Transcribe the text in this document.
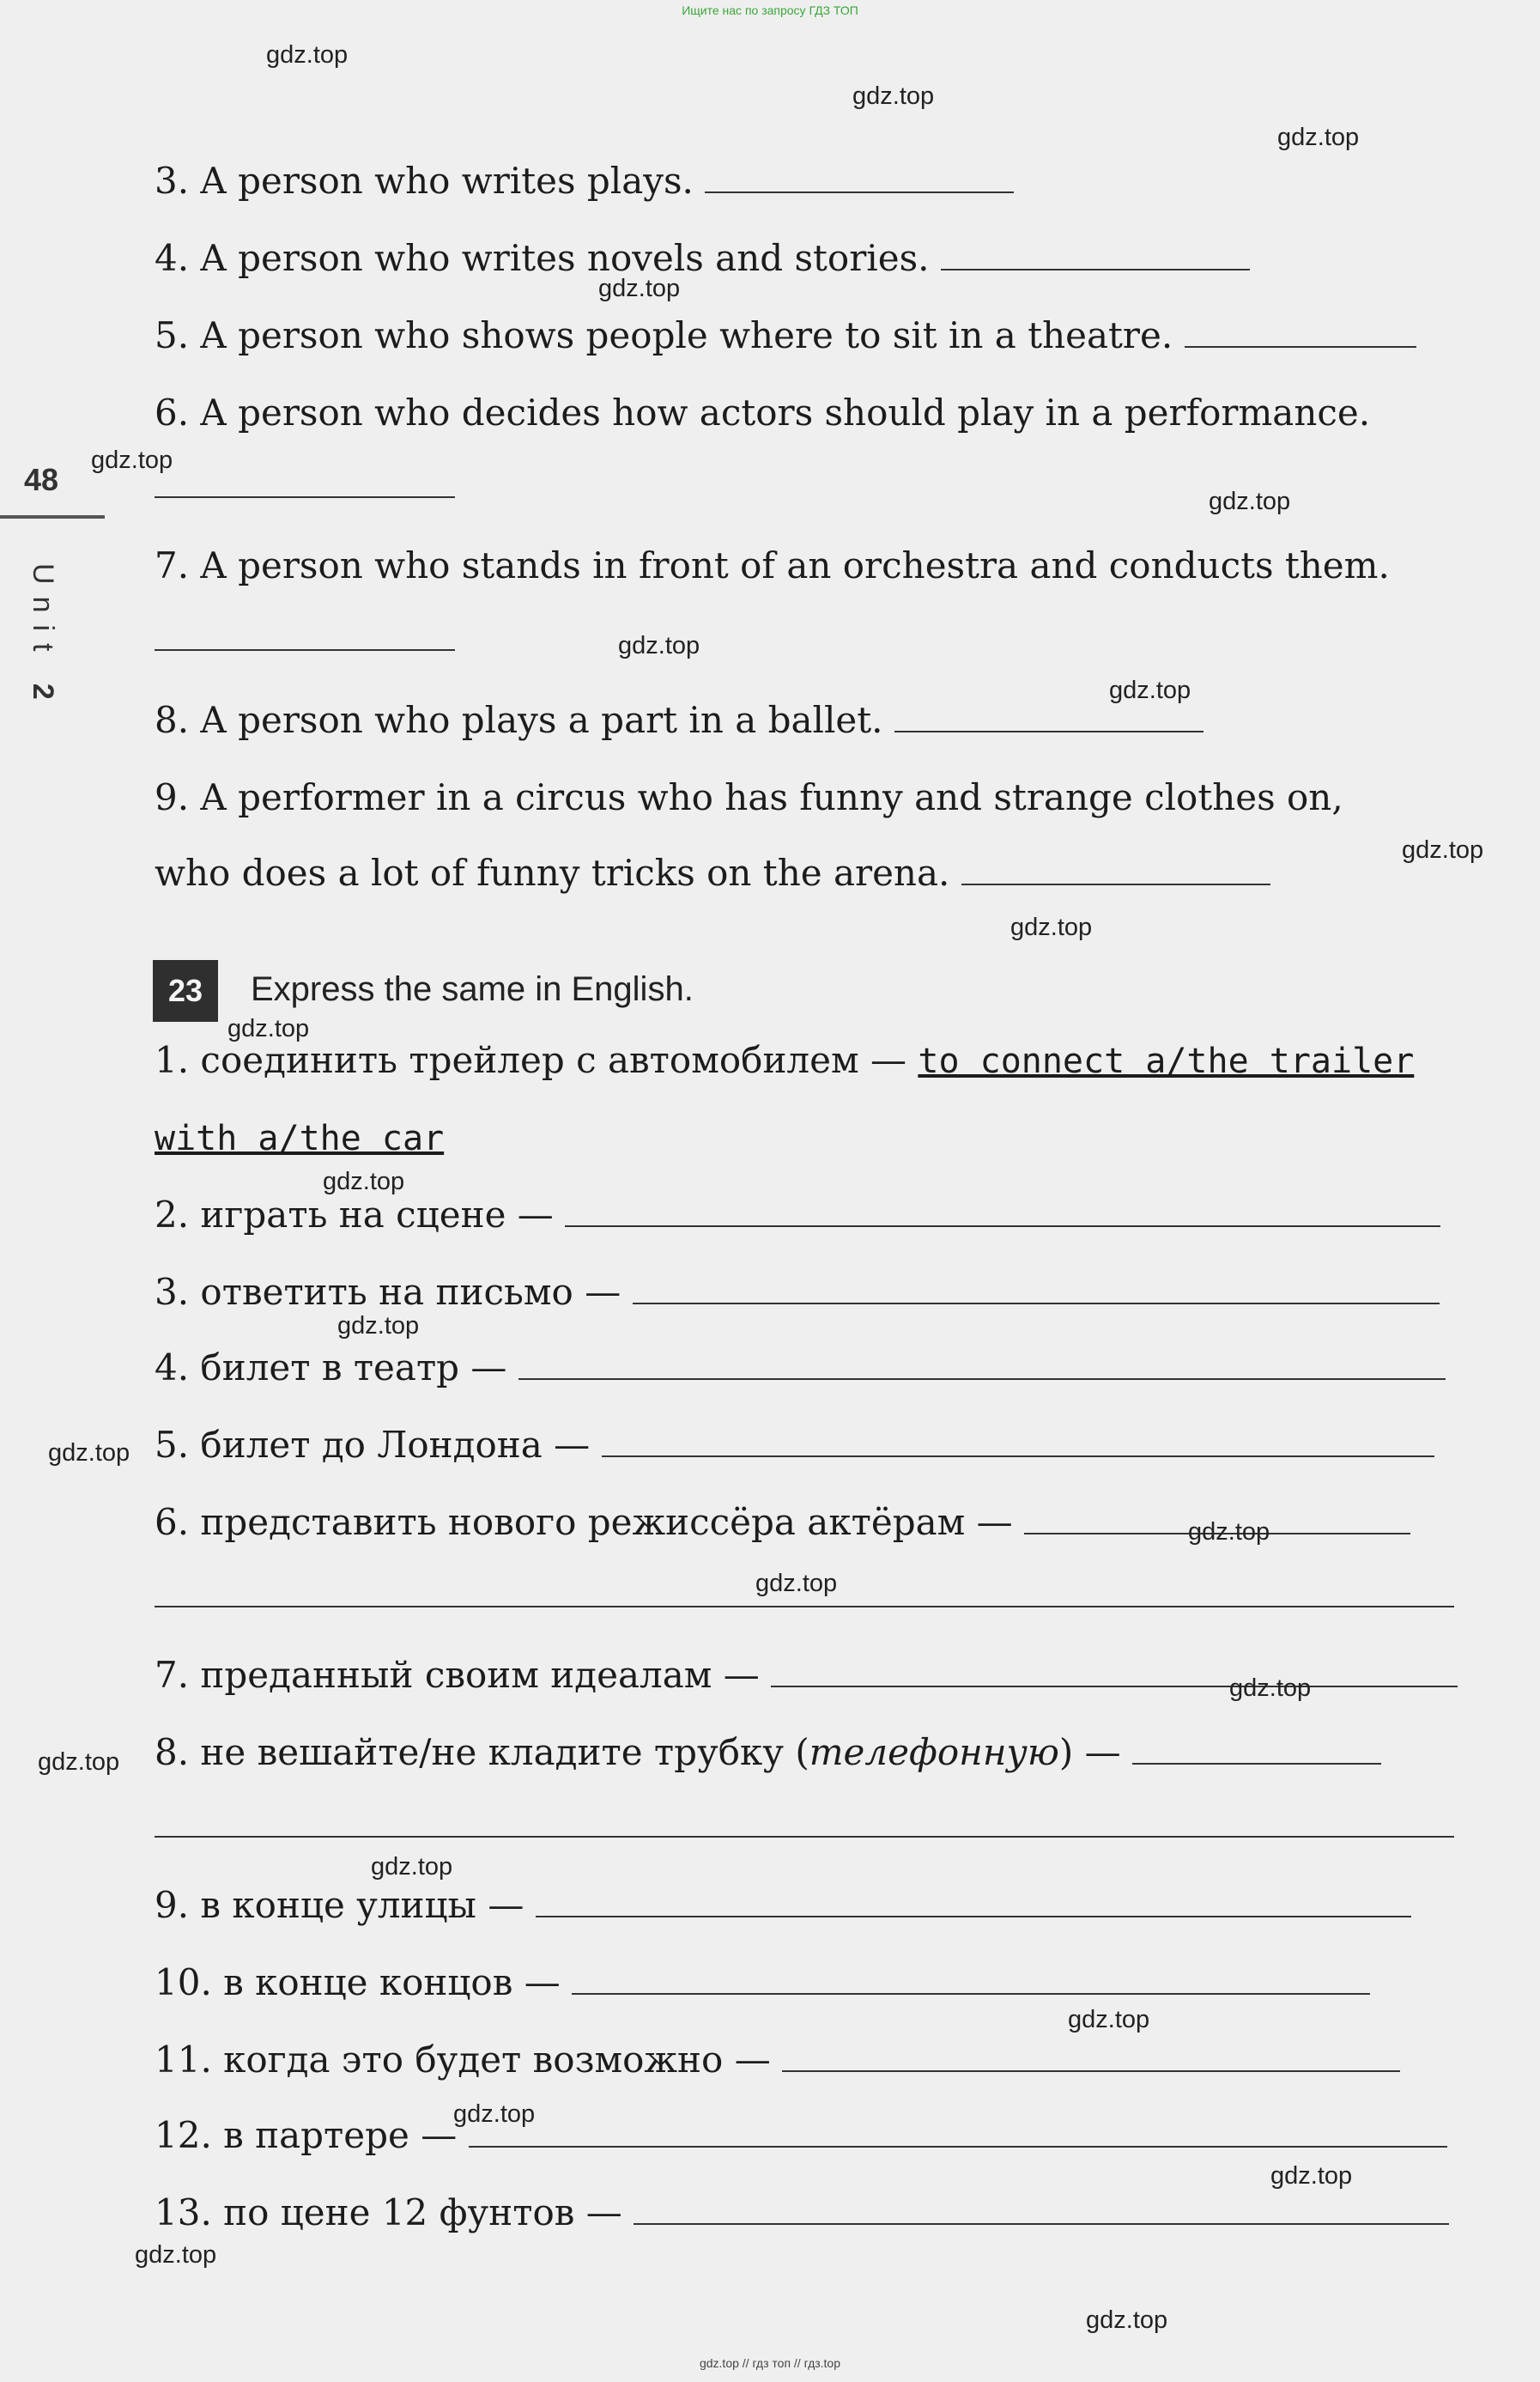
Ищите нас по запросу ГДЗ ТОП
48
Unit 2
3. A person who writes plays.
4. A person who writes novels and stories.
5. A person who shows people where to sit in a theatre.
6. A person who decides how actors should play in a performance.
7. A person who stands in front of an orchestra and conducts them.
8. A person who plays a part in a ballet.
9. A performer in a circus who has funny and strange clothes on,
who does a lot of funny tricks on the arena.
23	Express the same in English.
1. соединить трейлер с автомобилем — to connect a/the trailer
with a/the car
2. играть на сцене —
3. ответить на письмо —
4. билет в театр —
5. билет до Лондона —
6. представить нового режиссёра актёрам —
7. преданный своим идеалам —
8. не вешайте/не кладите трубку (телефонную) —
9. в конце улицы —
10. в конце концов —
11. когда это будет возможно —
12. в партере —
13. по цене 12 фунтов —
gdz.top
gdz.top
gdz.top
gdz.top
gdz.top
gdz.top
gdz.top
gdz.top
gdz.top
gdz.top
gdz.top
gdz.top
gdz.top
gdz.top
gdz.top
gdz.top
gdz.top
gdz.top
gdz.top
gdz.top
gdz.top
gdz.top
gdz.top
gdz.top
gdz.top // гдз топ // гдз.top
